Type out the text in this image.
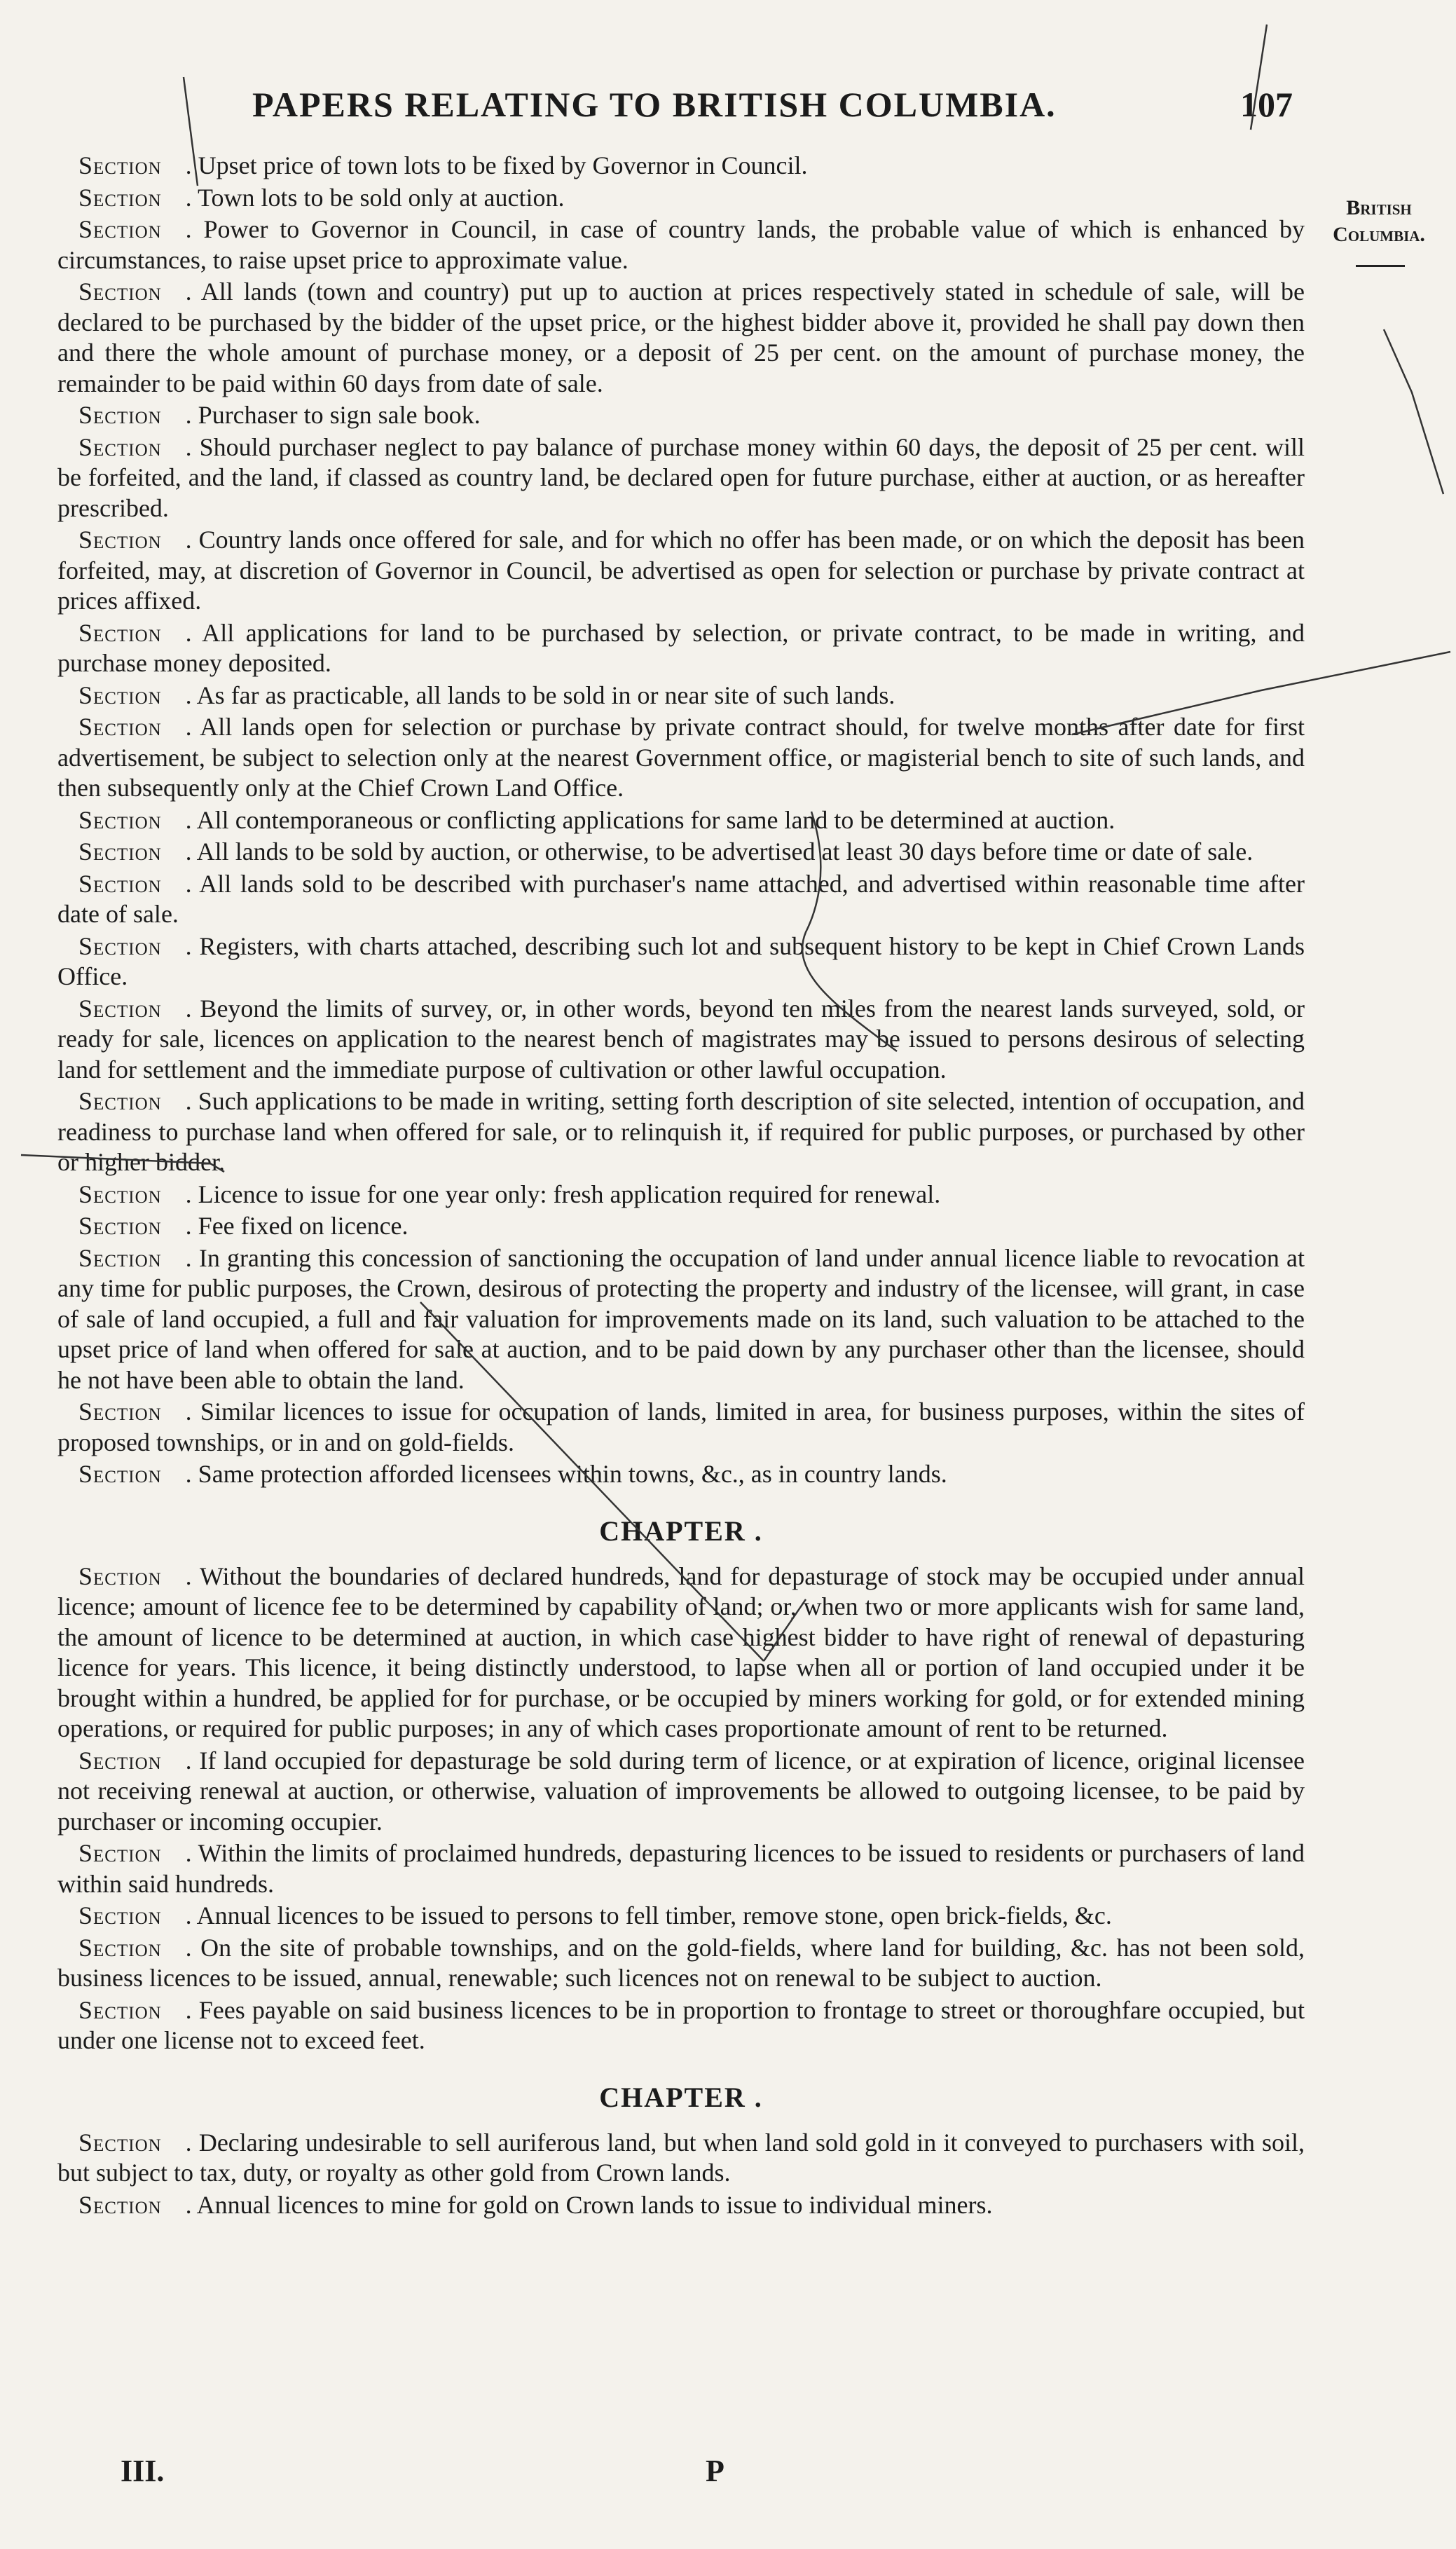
PAPERS RELATING TO BRITISH COLUMBIA.	107
British
Columbia.

Section . Upset price of town lots to be fixed by Governor in Council.

Section . Town lots to be sold only at auction.

Section . Power to Governor in Council, in case of country lands, the probable value of which is enhanced by circumstances, to raise upset price to approximate value.

Section . All lands (town and country) put up to auction at prices respectively stated in schedule of sale, will be declared to be purchased by the bidder of the upset price, or the highest bidder above it, provided he shall pay down then and there the whole amount of purchase money, or a deposit of 25 per cent. on the amount of purchase money, the remainder to be paid within 60 days from date of sale.

Section . Purchaser to sign sale book.

Section . Should purchaser neglect to pay balance of purchase money within 60 days, the deposit of 25 per cent. will be forfeited, and the land, if classed as country land, be declared open for future purchase, either at auction, or as hereafter prescribed.

Section . Country lands once offered for sale, and for which no offer has been made, or on which the deposit has been forfeited, may, at discretion of Governor in Council, be advertised as open for selection or purchase by private contract at prices affixed.

Section . All applications for land to be purchased by selection, or private contract, to be made in writing, and purchase money deposited.

Section . As far as practicable, all lands to be sold in or near site of such lands.

Section . All lands open for selection or purchase by private contract should, for twelve months after date for first advertisement, be subject to selection only at the nearest Government office, or magisterial bench to site of such lands, and then subsequently only at the Chief Crown Land Office.

Section . All contemporaneous or conflicting applications for same land to be determined at auction.

Section . All lands to be sold by auction, or otherwise, to be advertised at least 30 days before time or date of sale.

Section . All lands sold to be described with purchaser's name attached, and advertised within reasonable time after date of sale.

Section . Registers, with charts attached, describing such lot and subsequent history to be kept in Chief Crown Lands Office.

Section . Beyond the limits of survey, or, in other words, beyond ten miles from the nearest lands surveyed, sold, or ready for sale, licences on application to the nearest bench of magistrates may be issued to persons desirous of selecting land for settlement and the immediate purpose of cultivation or other lawful occupation.

Section . Such applications to be made in writing, setting forth description of site selected, intention of occupation, and readiness to purchase land when offered for sale, or to relinquish it, if required for public purposes, or purchased by other or higher bidder.

Section . Licence to issue for one year only: fresh application required for renewal.

Section . Fee fixed on licence.

Section . In granting this concession of sanctioning the occupation of land under annual licence liable to revocation at any time for public purposes, the Crown, desirous of protecting the property and industry of the licensee, will grant, in case of sale of land occupied, a full and fair valuation for improvements made on its land, such valuation to be attached to the upset price of land when offered for sale at auction, and to be paid down by any purchaser other than the licensee, should he not have been able to obtain the land.

Section . Similar licences to issue for occupation of lands, limited in area, for business purposes, within the sites of proposed townships, or in and on gold-fields.

Section . Same protection afforded licensees within towns, &c., as in country lands.

CHAPTER .

Section . Without the boundaries of declared hundreds, land for depasturage of stock may be occupied under annual licence; amount of licence fee to be determined by capability of land; or, when two or more applicants wish for same land, the amount of licence to be determined at auction, in which case highest bidder to have right of renewal of depasturing licence for years. This licence, it being distinctly understood, to lapse when all or portion of land occupied under it be brought within a hundred, be applied for for purchase, or be occupied by miners working for gold, or for extended mining operations, or required for public purposes; in any of which cases proportionate amount of rent to be returned.

Section . If land occupied for depasturage be sold during term of licence, or at expiration of licence, original licensee not receiving renewal at auction, or otherwise, valuation of improvements be allowed to outgoing licensee, to be paid by purchaser or incoming occupier.

Section . Within the limits of proclaimed hundreds, depasturing licences to be issued to residents or purchasers of land within said hundreds.

Section . Annual licences to be issued to persons to fell timber, remove stone, open brick-fields, &c.

Section . On the site of probable townships, and on the gold-fields, where land for building, &c. has not been sold, business licences to be issued, annual, renewable; such licences not on renewal to be subject to auction.

Section . Fees payable on said business licences to be in proportion to frontage to street or thoroughfare occupied, but under one license not to exceed feet.

CHAPTER .

Section . Declaring undesirable to sell auriferous land, but when land sold gold in it conveyed to purchasers with soil, but subject to tax, duty, or royalty as other gold from Crown lands.

Section . Annual licences to mine for gold on Crown lands to issue to individual miners.

III.	P
